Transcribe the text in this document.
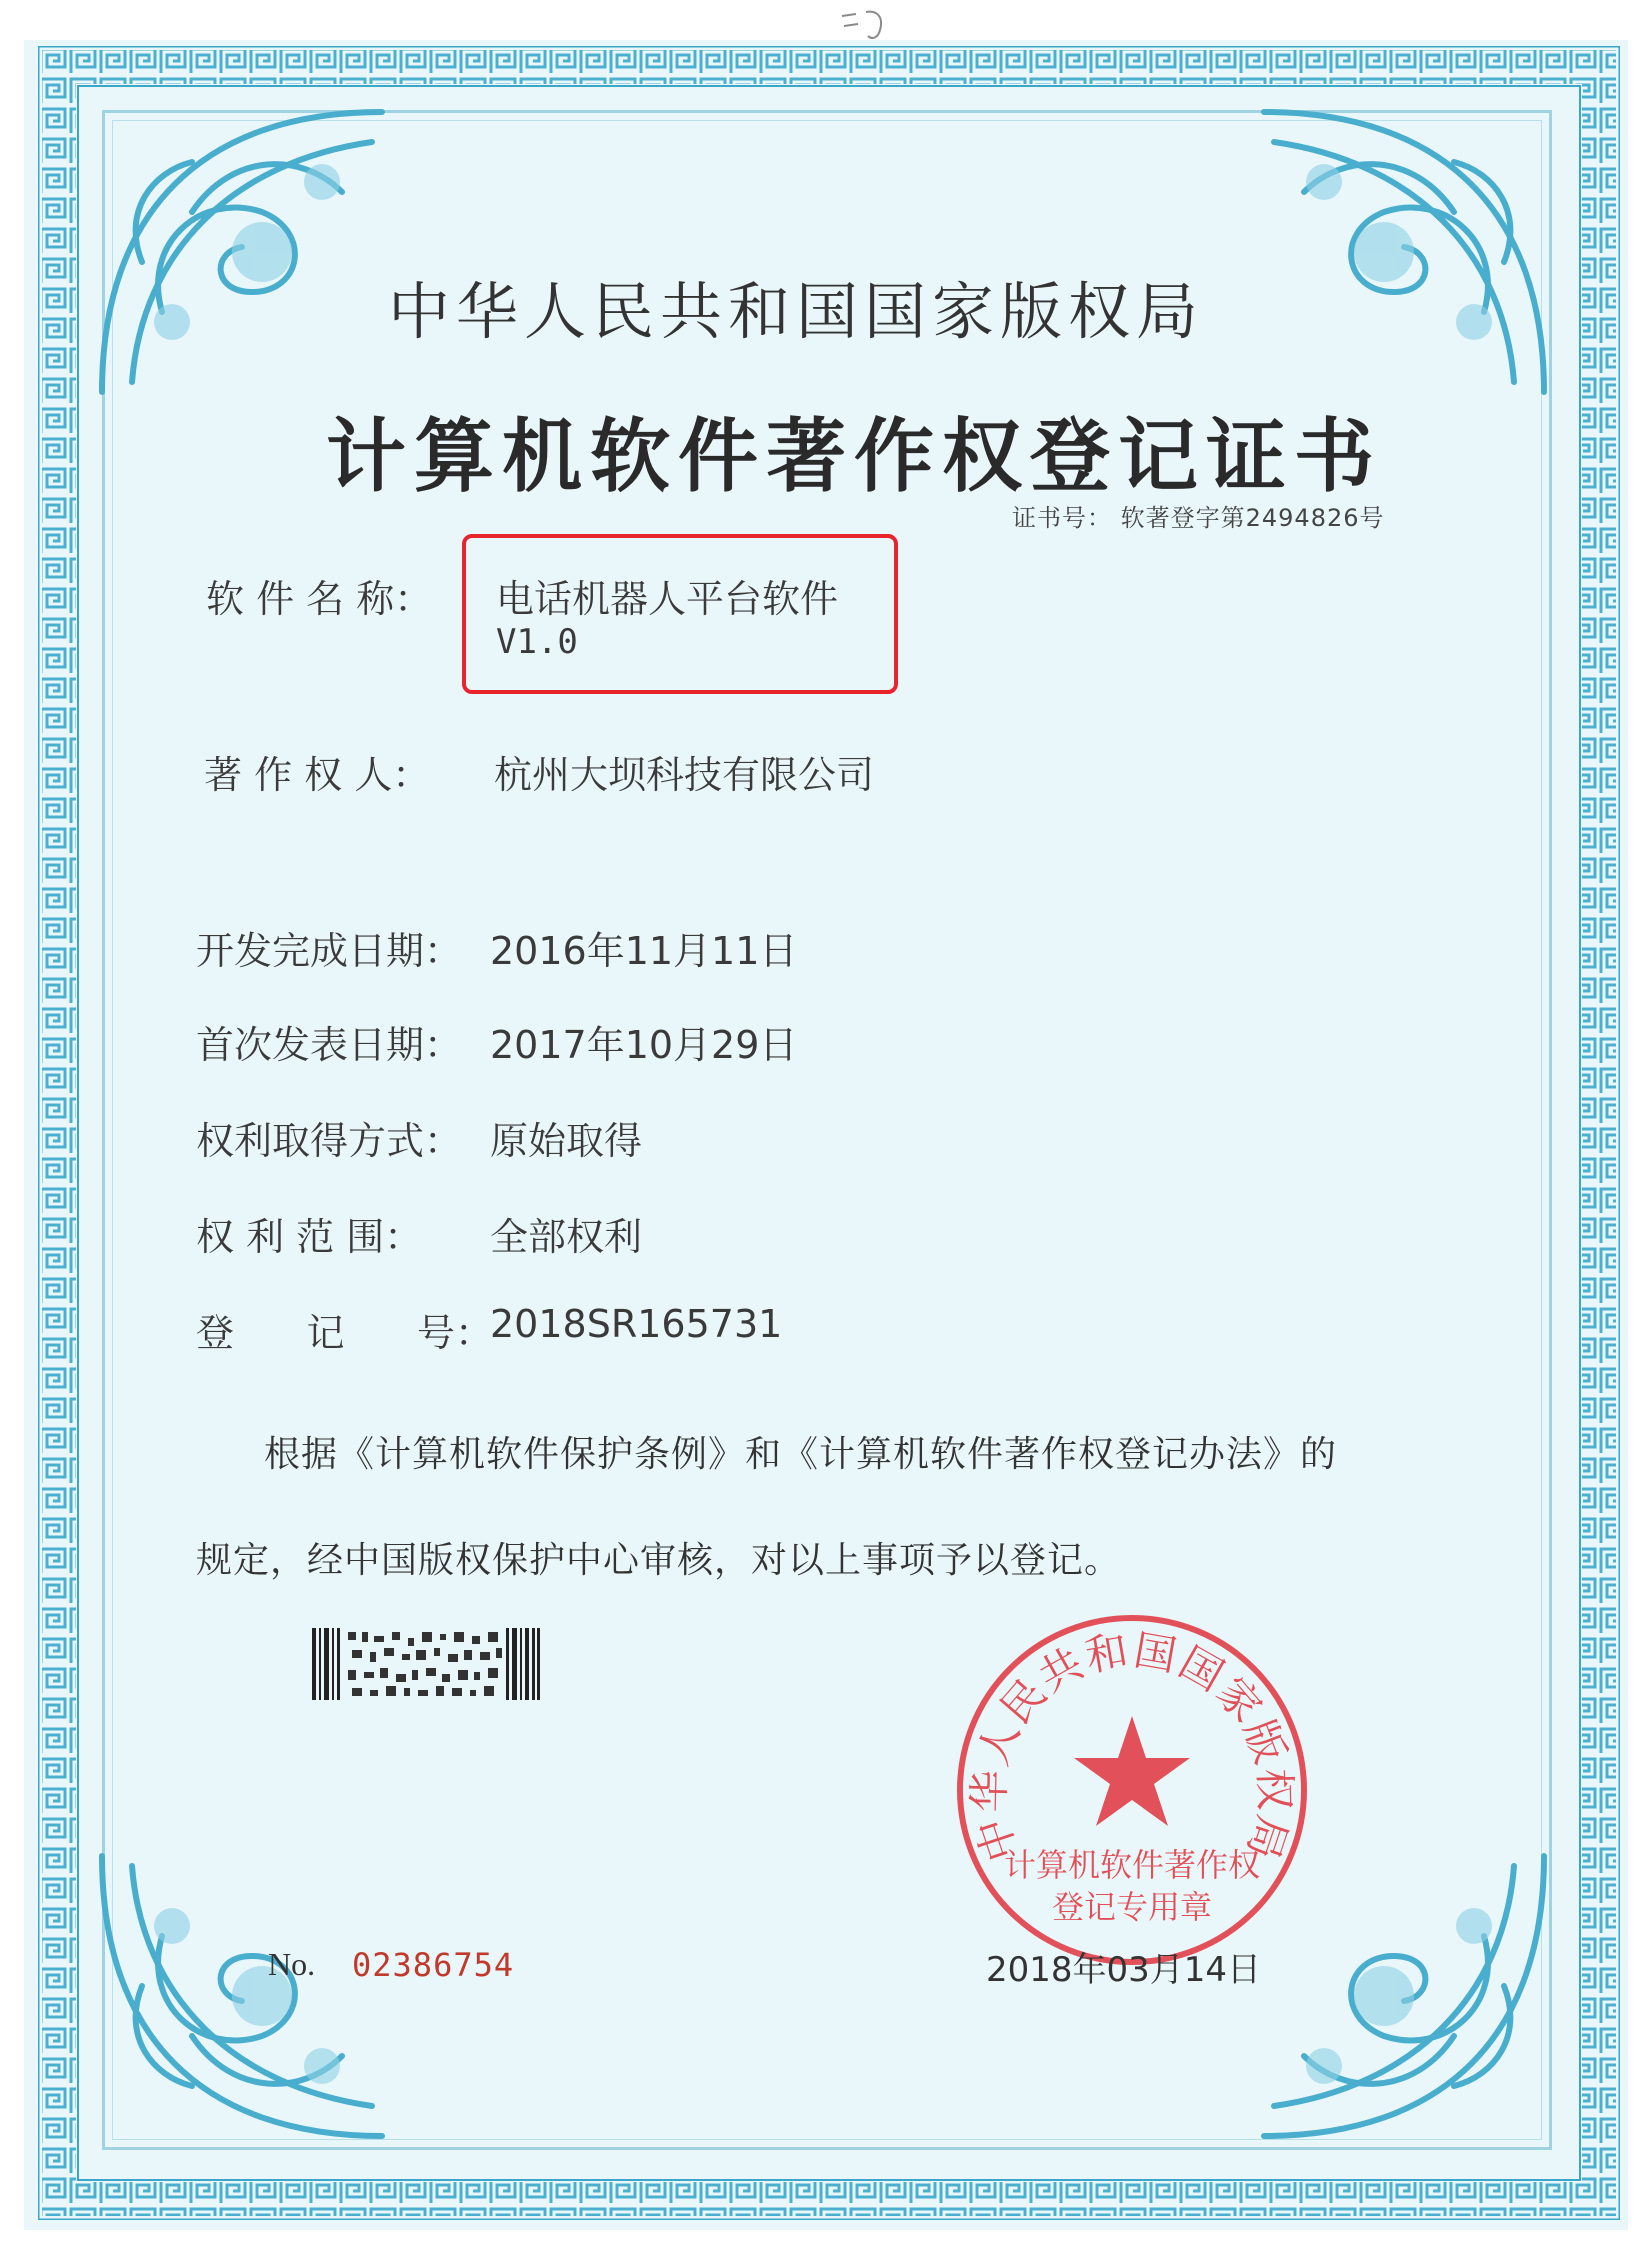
中华人民共和国国家版权局
计算机软件著作权登记证书
证书号： 软著登字第2494826号
软 件 名 称： 电话机器人平台软件
V1.0
著 作 权 人： 杭州大坝科技有限公司
开发完成日期： 2016年11月11日
首次发表日期： 2017年10月29日
权利取得方式： 原始取得
权 利 范 围： 全部权利
登      记      号：
2018SR165731
根据《计算机软件保护条例》和《计算机软件著作权登记办法》的
规定，经中国版权保护中心审核，对以上事项予以登记。
中华人民共和国国家版权局
计算机软件著作权
登记专用章
No. 02386754	2018年03月14日
